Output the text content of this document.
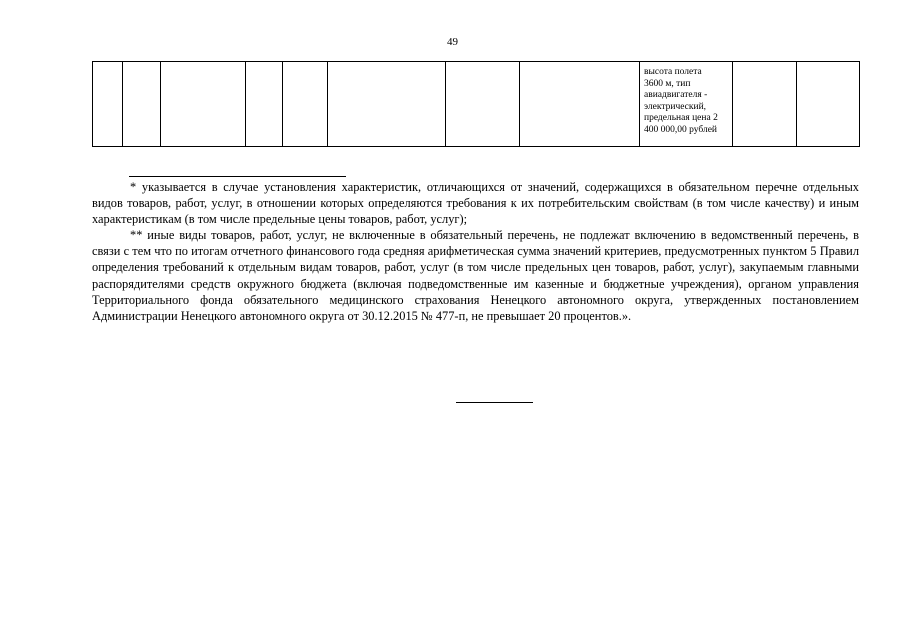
49

высота полета
3600 м, тип
авиадвигателя -
электрический,
предельная цена 2
400 000,00 рублей

* указывается в случае установления характеристик, отличающихся от значений, содержащихся в обязательном перечне отдельных видов товаров, работ, услуг, в отношении которых определяются требования к их потребительским свойствам (в том числе качеству) и иным характеристикам (в том числе предельные цены товаров, работ, услуг);

** иные виды товаров, работ, услуг, не включенные в обязательный перечень, не подлежат включению в ведомственный перечень, в связи с тем что по итогам отчетного финансового года средняя арифметическая сумма значений критериев, предусмотренных пунктом 5 Правил определения требований к отдельным видам товаров, работ, услуг (в том числе предельных цен товаров, работ, услуг), закупаемым главными распорядителями средств окружного бюджета (включая подведомственные им казенные и бюджетные учреждения), органом управления Территориального фонда обязательного медицинского страхования Ненецкого автономного округа, утвержденных постановлением Администрации Ненецкого автономного округа от 30.12.2015 № 477-п, не превышает 20 процентов.».
